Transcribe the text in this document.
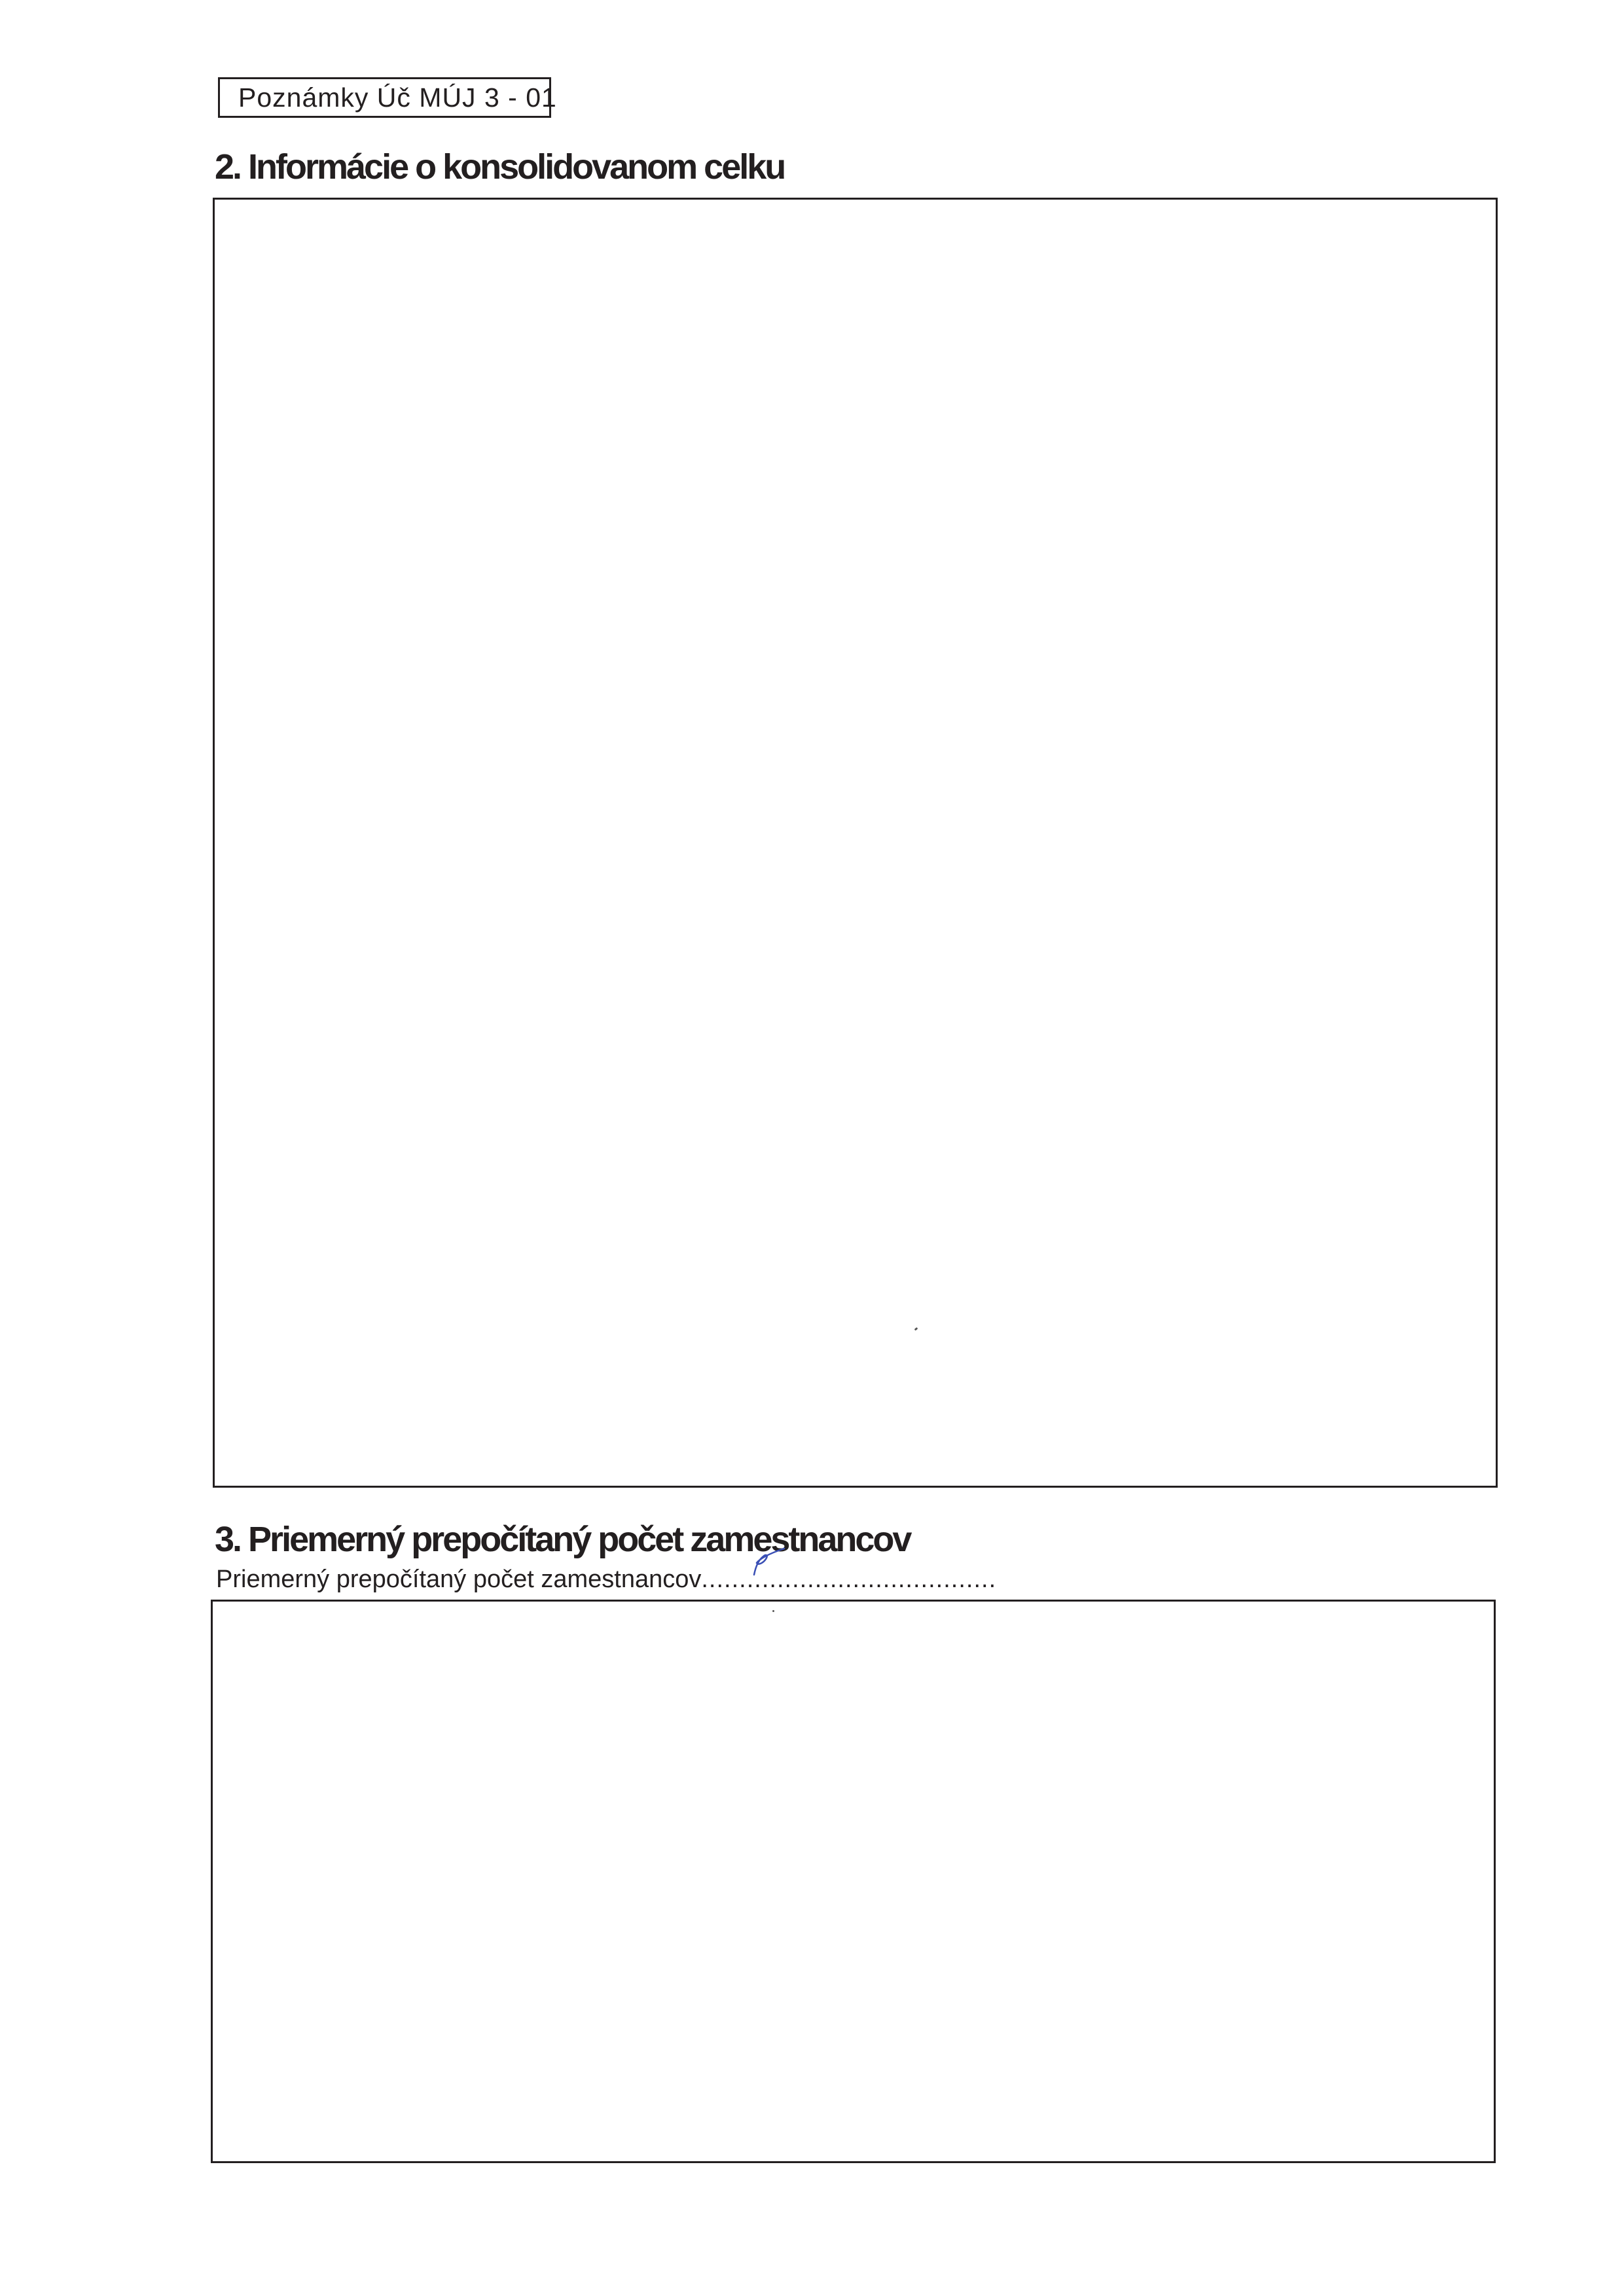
Poznámky Úč MÚJ 3 - 01
2. Informácie o konsolidovanom celku
3. Priemerný prepočítaný počet zamestnancov
Priemerný prepočítaný počet zamestnancov.......................................
